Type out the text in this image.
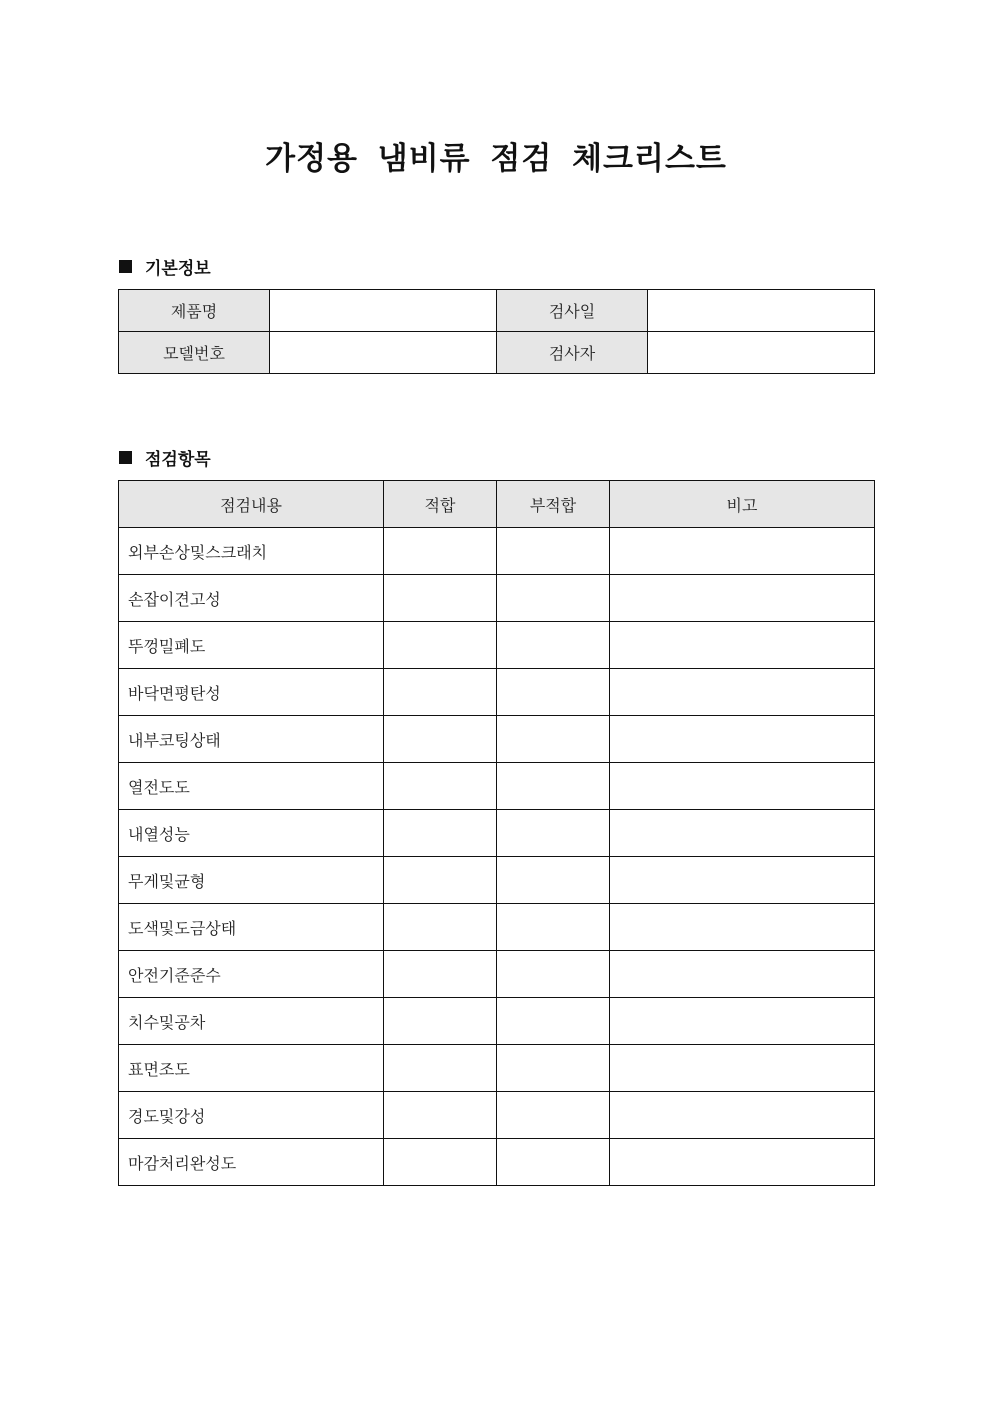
가정용 냄비류 점검 체크리스트
기본정보
제품명		검사일	
모델번호		검사자	
점검항목
점검내용	적합	부적합	비고
외부손상및스크래치			
손잡이견고성			
뚜껑밀폐도			
바닥면평탄성			
내부코팅상태			
열전도도			
내열성능			
무게및균형			
도색및도금상태			
안전기준준수			
치수및공차			
표면조도			
경도및강성			
마감처리완성도			
